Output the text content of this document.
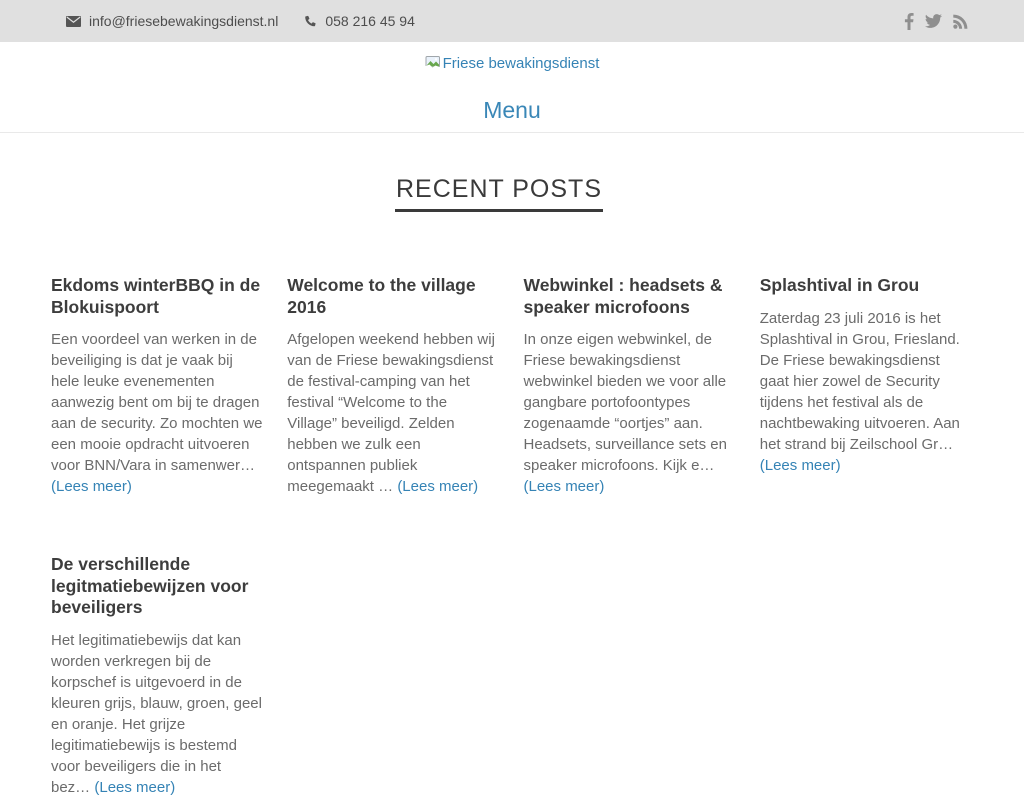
info@friesebewakingsdienst.nl	058 216 45 94
Friese bewakingsdienst
Menu
RECENT POSTS
Ekdoms winterBBQ in de Blokuispoort

Een voordeel van werken in de beveiliging is dat je vaak bij hele leuke evenementen aanwezig bent om bij te dragen aan de security. Zo mochten we een mooie opdracht uitvoeren voor BNN/Vara in samenwer… (Lees meer)

Welcome to the village 2016

Afgelopen weekend hebben wij van de Friese bewakingsdienst de festival-camping van het festival “Welcome to the Village” beveiligd. Zelden hebben we zulk een ontspannen publiek meegemaakt … (Lees meer)

Webwinkel : headsets & speaker microfoons

In onze eigen webwinkel, de Friese bewakingsdienst webwinkel bieden we voor alle gangbare portofoontypes zogenaamde “oortjes” aan. Headsets, surveillance sets en speaker microfoons. Kijk e… (Lees meer)

Splashtival in Grou

Zaterdag 23 juli 2016 is het Splashtival in Grou, Friesland. De Friese bewakingsdienst gaat hier zowel de Security tijdens het festival als de nachtbewaking uitvoeren. Aan het strand bij Zeilschool Gr… (Lees meer)

De verschillende legitmatiebewijzen voor beveiligers

Het legitimatiebewijs dat kan worden verkregen bij de korpschef is uitgevoerd in de kleuren grijs, blauw, groen, geel en oranje. Het grijze legitimatiebewijs is bestemd voor beveiligers die in het bez… (Lees meer)
